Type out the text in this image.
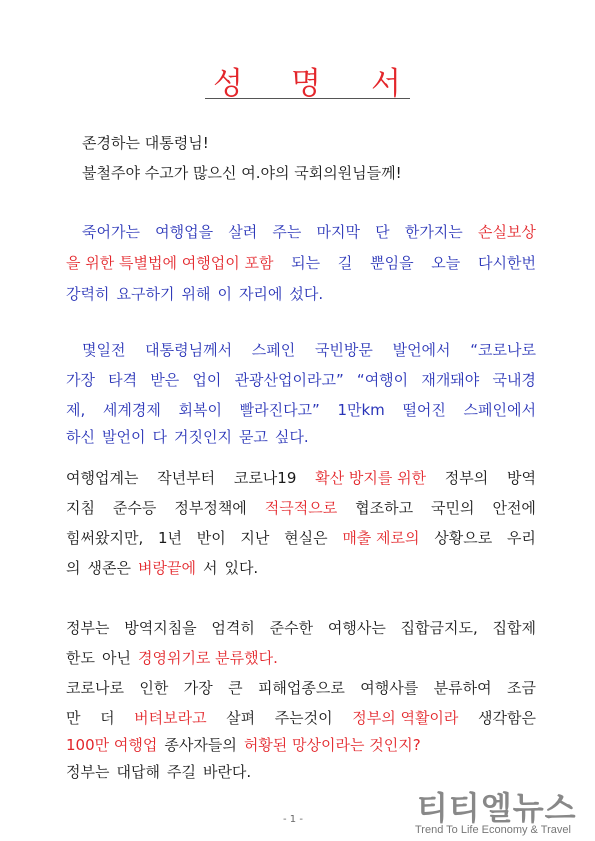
성 명 서
존경하는 대통령님!
불철주야 수고가 많으신 여.야의 국회의원님들께!
죽어가는 여행업을 살려 주는 마지막 단 한가지는 손실보상
을 위한 특별법에 여행업이 포함 되는 길 뿐임을 오늘 다시한번
강력히 요구하기 위해 이 자리에 섰다.
몇일전 대통령님께서 스페인 국빈방문 발언에서 “코로나로
가장 타격 받은 업이 관광산업이라고” “여행이 재개돼야 국내경
제, 세계경제 회복이 빨라진다고” 1만km 떨어진 스페인에서
하신 발언이 다 거짓인지 묻고 싶다.
여행업계는 작년부터 코로나19 확산 방지를 위한 정부의 방역
지침 준수등 정부정책에 적극적으로 협조하고 국민의 안전에
힘써왔지만, 1년 반이 지난 현실은 매출 제로의 상황으로 우리
의 생존은 벼랑끝에 서 있다.
정부는 방역지침을 엄격히 준수한 여행사는 집합금지도, 집합제
한도 아닌 경영위기로 분류했다.
코로나로 인한 가장 큰 피해업종으로 여행사를 분류하여 조금
만 더 버텨보라고 살펴 주는것이 정부의 역활이라 생각함은
100만 여행업 종사자들의 허황된 망상이라는 것인지?
정부는 대답해 주길 바란다.
- 1 -	티티엘뉴스
Trend To Life Economy & Travel
